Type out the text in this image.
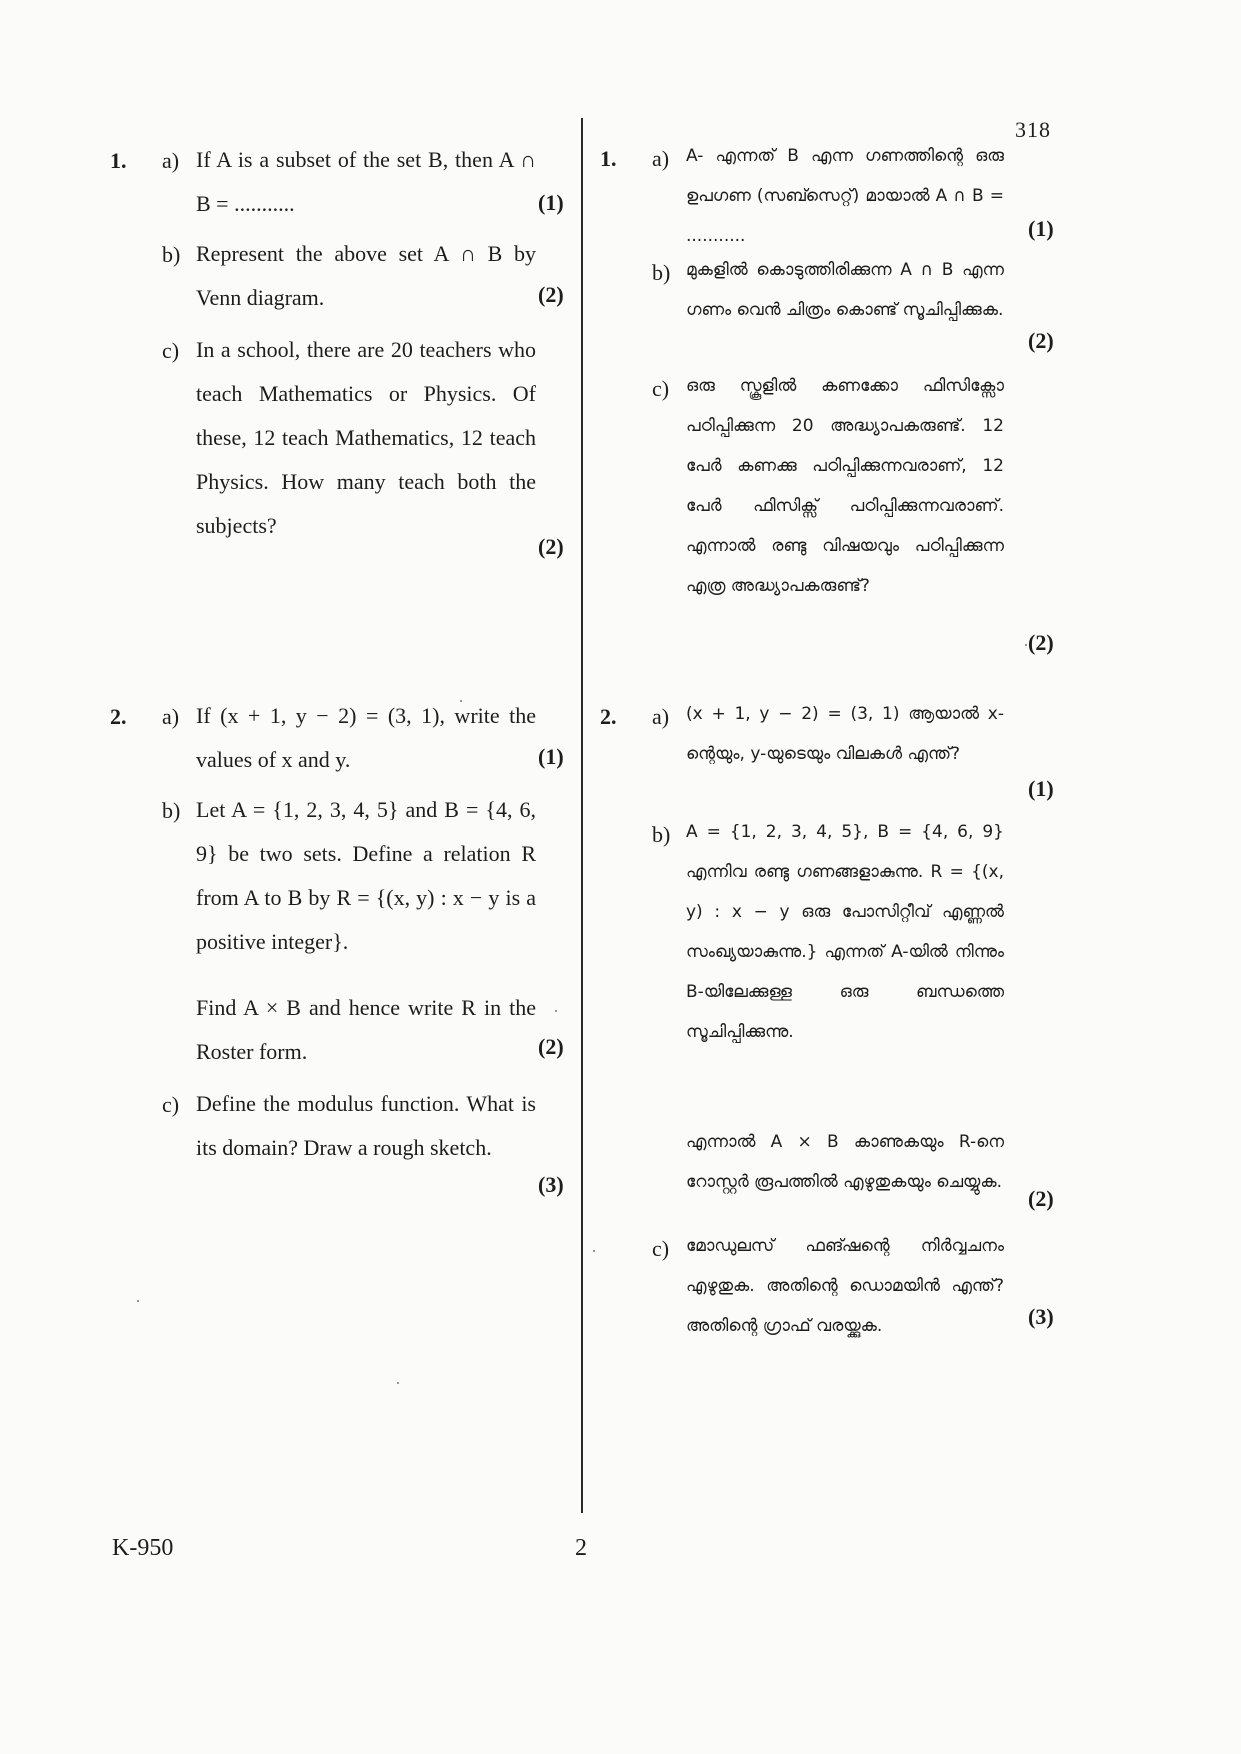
318
1. a) If A is a subset of the set B, then A ∩ B = ...........	(1)
b) Represent the above set A ∩ B by Venn diagram.	(2)
c) In a school, there are 20 teachers who teach Mathematics or Physics. Of these, 12 teach Mathematics, 12 teach Physics. How many teach both the subjects?
(2)
2. a) If (x + 1, y − 2) = (3, 1), write the values of x and y.	(1)
b) Let A = {1, 2, 3, 4, 5} and B = {4, 6, 9} be two sets. Define a relation R from A to B by R = {(x, y) : x − y is a positive integer}.
Find A × B and hence write R in the Roster form.	(2)
c) Define the modulus function. What is its domain? Draw a rough sketch.
(3)
1. a) A- എന്നത് B എന്ന ഗണത്തിന്റെ ഒരു ഉപഗണ (സബ്സെറ്റ്) മായാൽ A ∩ B = ...........	(1)
b) മുകളിൽ കൊടുത്തിരിക്കുന്ന A ∩ B എന്ന ഗണം വെൻ ചിത്രം കൊണ്ട് സൂചിപ്പിക്കുക.
(2)
c) ഒരു സ്കൂളിൽ കണക്കോ ഫിസിക്സോ പഠിപ്പിക്കുന്ന 20 അദ്ധ്യാപകരുണ്ട്. 12 പേർ കണക്കു പഠിപ്പിക്കുന്നവരാണ്, 12 പേർ ഫിസിക്സ് പഠിപ്പിക്കുന്നവരാണ്. എന്നാൽ രണ്ടു വിഷയവും പഠിപ്പിക്കുന്ന എത്ര അദ്ധ്യാപകരുണ്ട്?
(2)
2. a) (x + 1, y − 2) = (3, 1) ആയാൽ x-ന്റെയും, y-യുടെയും വിലകൾ എന്ത്?
(1)
b) A = {1, 2, 3, 4, 5}, B = {4, 6, 9} എന്നിവ രണ്ടു ഗണങ്ങളാകുന്നു. R = {(x, y) : x − y ഒരു പോസിറ്റീവ് എണ്ണൽ സംഖ്യയാകുന്നു.} എന്നത് A-യിൽ നിന്നും B-യിലേക്കുള്ള ഒരു ബന്ധത്തെ സൂചിപ്പിക്കുന്നു.
എന്നാൽ A × B കാണുകയും R-നെ റോസ്റ്റർ രൂപത്തിൽ എഴുതുകയും ചെയ്യുക.
(2)
c) മോഡുലസ് ഫങ്ഷന്റെ നിർവ്വചനം എഴുതുക. അതിന്റെ ഡൊമയിൻ എന്ത്? അതിന്റെ ഗ്രാഫ് വരയ്ക്കുക.	(3)
K-950	2
